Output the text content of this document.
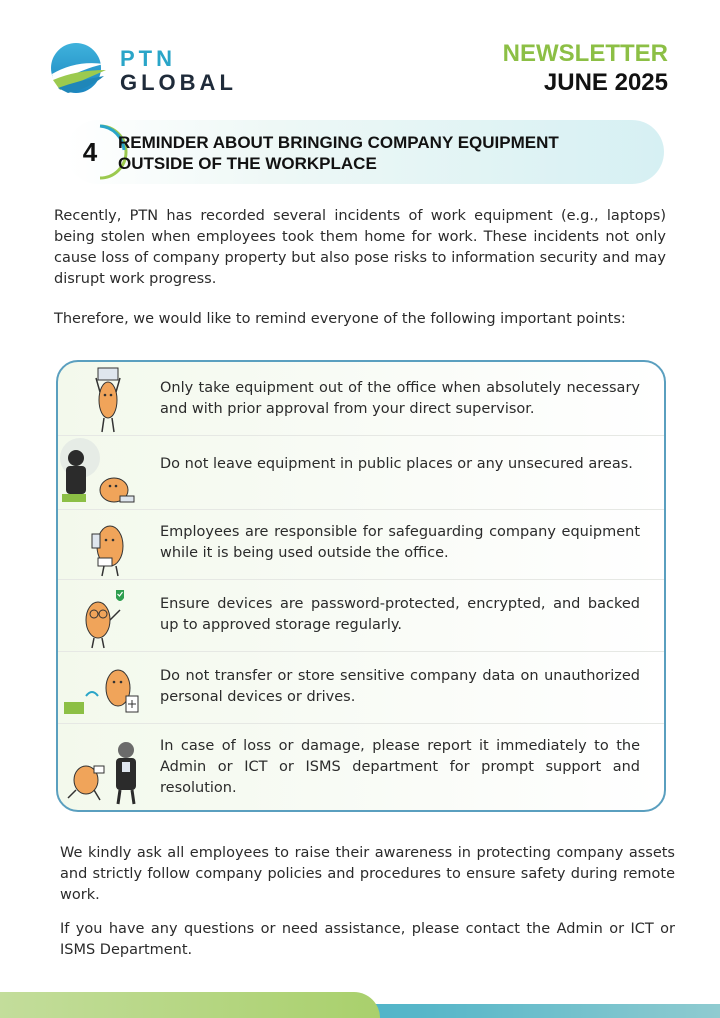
PTN
GLOBAL
NEWSLETTER
JUNE 2025
4	REMINDER ABOUT BRINGING COMPANY EQUIPMENT OUTSIDE OF THE WORKPLACE
Recently, PTN has recorded several incidents of work equipment (e.g., laptops) being stolen when employees took them home for work. These incidents not only cause loss of company property but also pose risks to information security and may disrupt work progress.
Therefore, we would like to remind everyone of the following important points:
Only take equipment out of the office when absolutely necessary and with prior approval from your direct supervisor.
Do not leave equipment in public places or any unsecured areas.
Employees are responsible for safeguarding company equipment while it is being used outside the office.
Ensure devices are password-protected, encrypted, and backed up to approved storage regularly.
Do not transfer or store sensitive company data on unauthorized personal devices or drives.
In case of loss or damage, please report it immediately to the Admin or ICT or ISMS department for prompt support and resolution.
We kindly ask all employees to raise their awareness in protecting company assets and strictly follow company policies and procedures to ensure safety during remote work.
If you have any questions or need assistance, please contact the Admin or ICT or ISMS Department.
